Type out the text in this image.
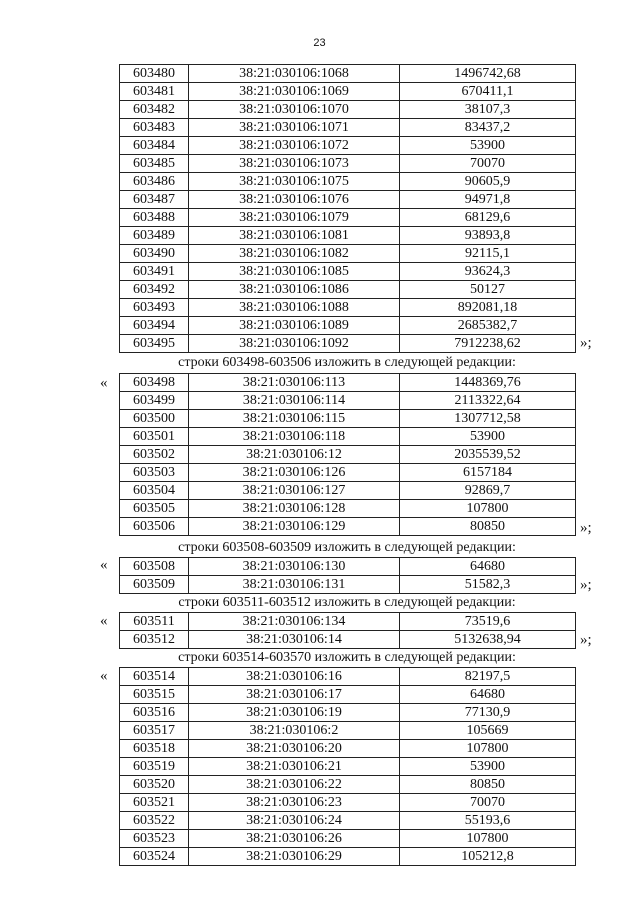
23
603480	38:21:030106:1068	1496742,68
603481	38:21:030106:1069	670411,1
603482	38:21:030106:1070	38107,3
603483	38:21:030106:1071	83437,2
603484	38:21:030106:1072	53900
603485	38:21:030106:1073	70070
603486	38:21:030106:1075	90605,9
603487	38:21:030106:1076	94971,8
603488	38:21:030106:1079	68129,6
603489	38:21:030106:1081	93893,8
603490	38:21:030106:1082	92115,1
603491	38:21:030106:1085	93624,3
603492	38:21:030106:1086	50127
603493	38:21:030106:1088	892081,18
603494	38:21:030106:1089	2685382,7
603495	38:21:030106:1092	7912238,62	»;
строки 603498-603506 изложить в следующей редакции:
« 603498	38:21:030106:113	1448369,76
603499	38:21:030106:114	2113322,64
603500	38:21:030106:115	1307712,58
603501	38:21:030106:118	53900
603502	38:21:030106:12	2035539,52
603503	38:21:030106:126	6157184
603504	38:21:030106:127	92869,7
603505	38:21:030106:128	107800
603506	38:21:030106:129	80850	»;
строки 603508-603509 изложить в следующей редакции:
« 603508	38:21:030106:130	64680
603509	38:21:030106:131	51582,3	»;
строки 603511-603512 изложить в следующей редакции:
« 603511	38:21:030106:134	73519,6
603512	38:21:030106:14	5132638,94	»;
строки 603514-603570 изложить в следующей редакции:
« 603514	38:21:030106:16	82197,5
603515	38:21:030106:17	64680
603516	38:21:030106:19	77130,9
603517	38:21:030106:2	105669
603518	38:21:030106:20	107800
603519	38:21:030106:21	53900
603520	38:21:030106:22	80850
603521	38:21:030106:23	70070
603522	38:21:030106:24	55193,6
603523	38:21:030106:26	107800
603524	38:21:030106:29	105212,8
